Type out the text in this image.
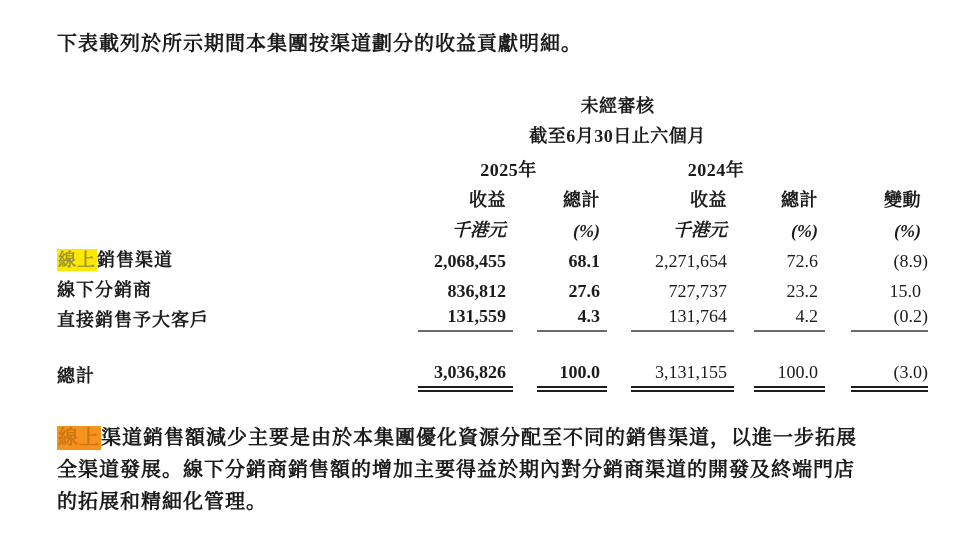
下表載列於所示期間本集團按渠道劃分的收益貢獻明細。

	未經審核				
	截至6月30日止六個月				
	2025年		2024年		
	收益	總計	收益	總計	變動
	千港元	(%)	千港元	(%)	(%)
線上銷售渠道	2,068,455	68.1	2,271,654	72.6	(8.9)

線下分銷商	836,812	27.6	727,737	23.2	15.0

直接銷售予大客戶	131,559	4.3	131,764	4.2	(0.2)

總計	3,036,826	100.0	3,131,155	100.0	(3.0)

線上渠道銷售額減少主要是由於本集團優化資源分配至不同的銷售渠道，以進一步拓展
全渠道發展。線下分銷商銷售額的增加主要得益於期內對分銷商渠道的開發及終端門店
的拓展和精細化管理。
